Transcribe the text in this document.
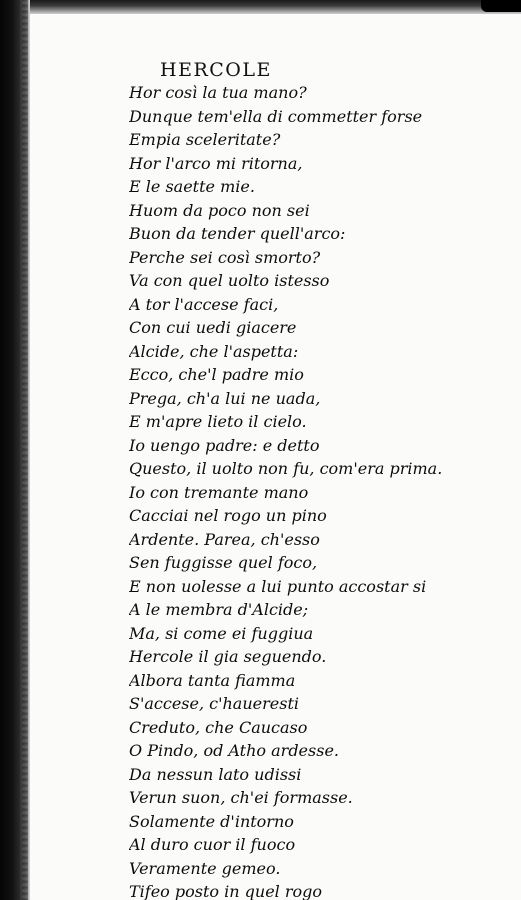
HERCOLE
Hor così la tua mano?
Dunque tem'ella di commetter forse
Empia sceleritate?
Hor l'arco mi ritorna,
E le saette mie.
Huom da poco non sei
Buon da tender quell'arco:
Perche sei così smorto?
Va con quel uolto istesso
A tor l'accese faci,
Con cui uedi giacere
Alcide, che l'aspetta:
Ecco, che'l padre mio
Prega, ch'a lui ne uada,
E m'apre lieto il cielo.
Io uengo padre: e detto
Questo, il uolto non fu, com'era prima.
Io con tremante mano
Cacciai nel rogo un pino
Ardente. Parea, ch'esso
Sen fuggisse quel foco,
E non uolesse a lui punto accostar si
A le membra d'Alcide;
Ma, si come ei fuggiua
Hercole il gia seguendo.
Albora tanta fiamma
S'accese, c'haueresti
Creduto, che Caucaso
O Pindo, od Atho ardesse.
Da nessun lato udissi
Verun suon, ch'ei formasse.
Solamente d'intorno
Al duro cuor il fuoco
Veramente gemeo.
Tifeo posto in quel rogo
